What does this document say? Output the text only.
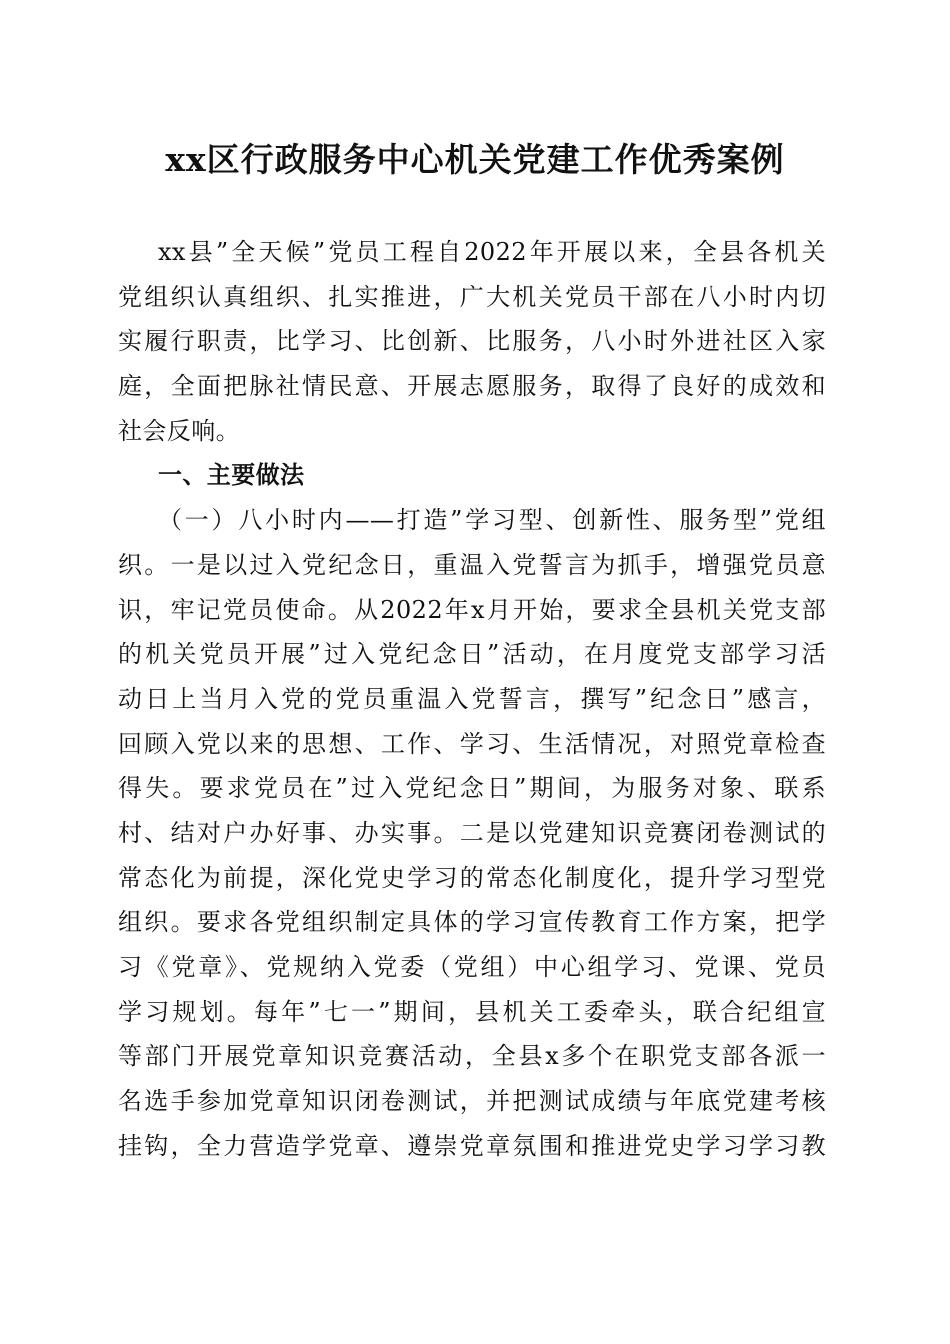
xx区行政服务中心机关党建工作优秀案例
xx县”全天候”党员工程自2022年开展以来，全县各机关
党组织认真组织、扎实推进，广大机关党员干部在八小时内切
实履行职责，比学习、比创新、比服务，八小时外进社区入家
庭，全面把脉社情民意、开展志愿服务，取得了良好的成效和
社会反响。
一、主要做法
（一）八小时内——打造”学习型、创新性、服务型”党组
织。一是以过入党纪念日，重温入党誓言为抓手，增强党员意
识，牢记党员使命。从2022年x月开始，要求全县机关党支部
的机关党员开展”过入党纪念日”活动，在月度党支部学习活
动日上当月入党的党员重温入党誓言，撰写”纪念日”感言，
回顾入党以来的思想、工作、学习、生活情况，对照党章检查
得失。要求党员在”过入党纪念日”期间，为服务对象、联系
村、结对户办好事、办实事。二是以党建知识竞赛闭卷测试的
常态化为前提，深化党史学习的常态化制度化，提升学习型党
组织。要求各党组织制定具体的学习宣传教育工作方案，把学
习《党章》、党规纳入党委（党组）中心组学习、党课、党员
学习规划。每年”七一”期间，县机关工委牵头，联合纪组宣
等部门开展党章知识竞赛活动，全县x多个在职党支部各派一
名选手参加党章知识闭卷测试，并把测试成绩与年底党建考核
挂钩，全力营造学党章、遵崇党章氛围和推进党史学习学习教
